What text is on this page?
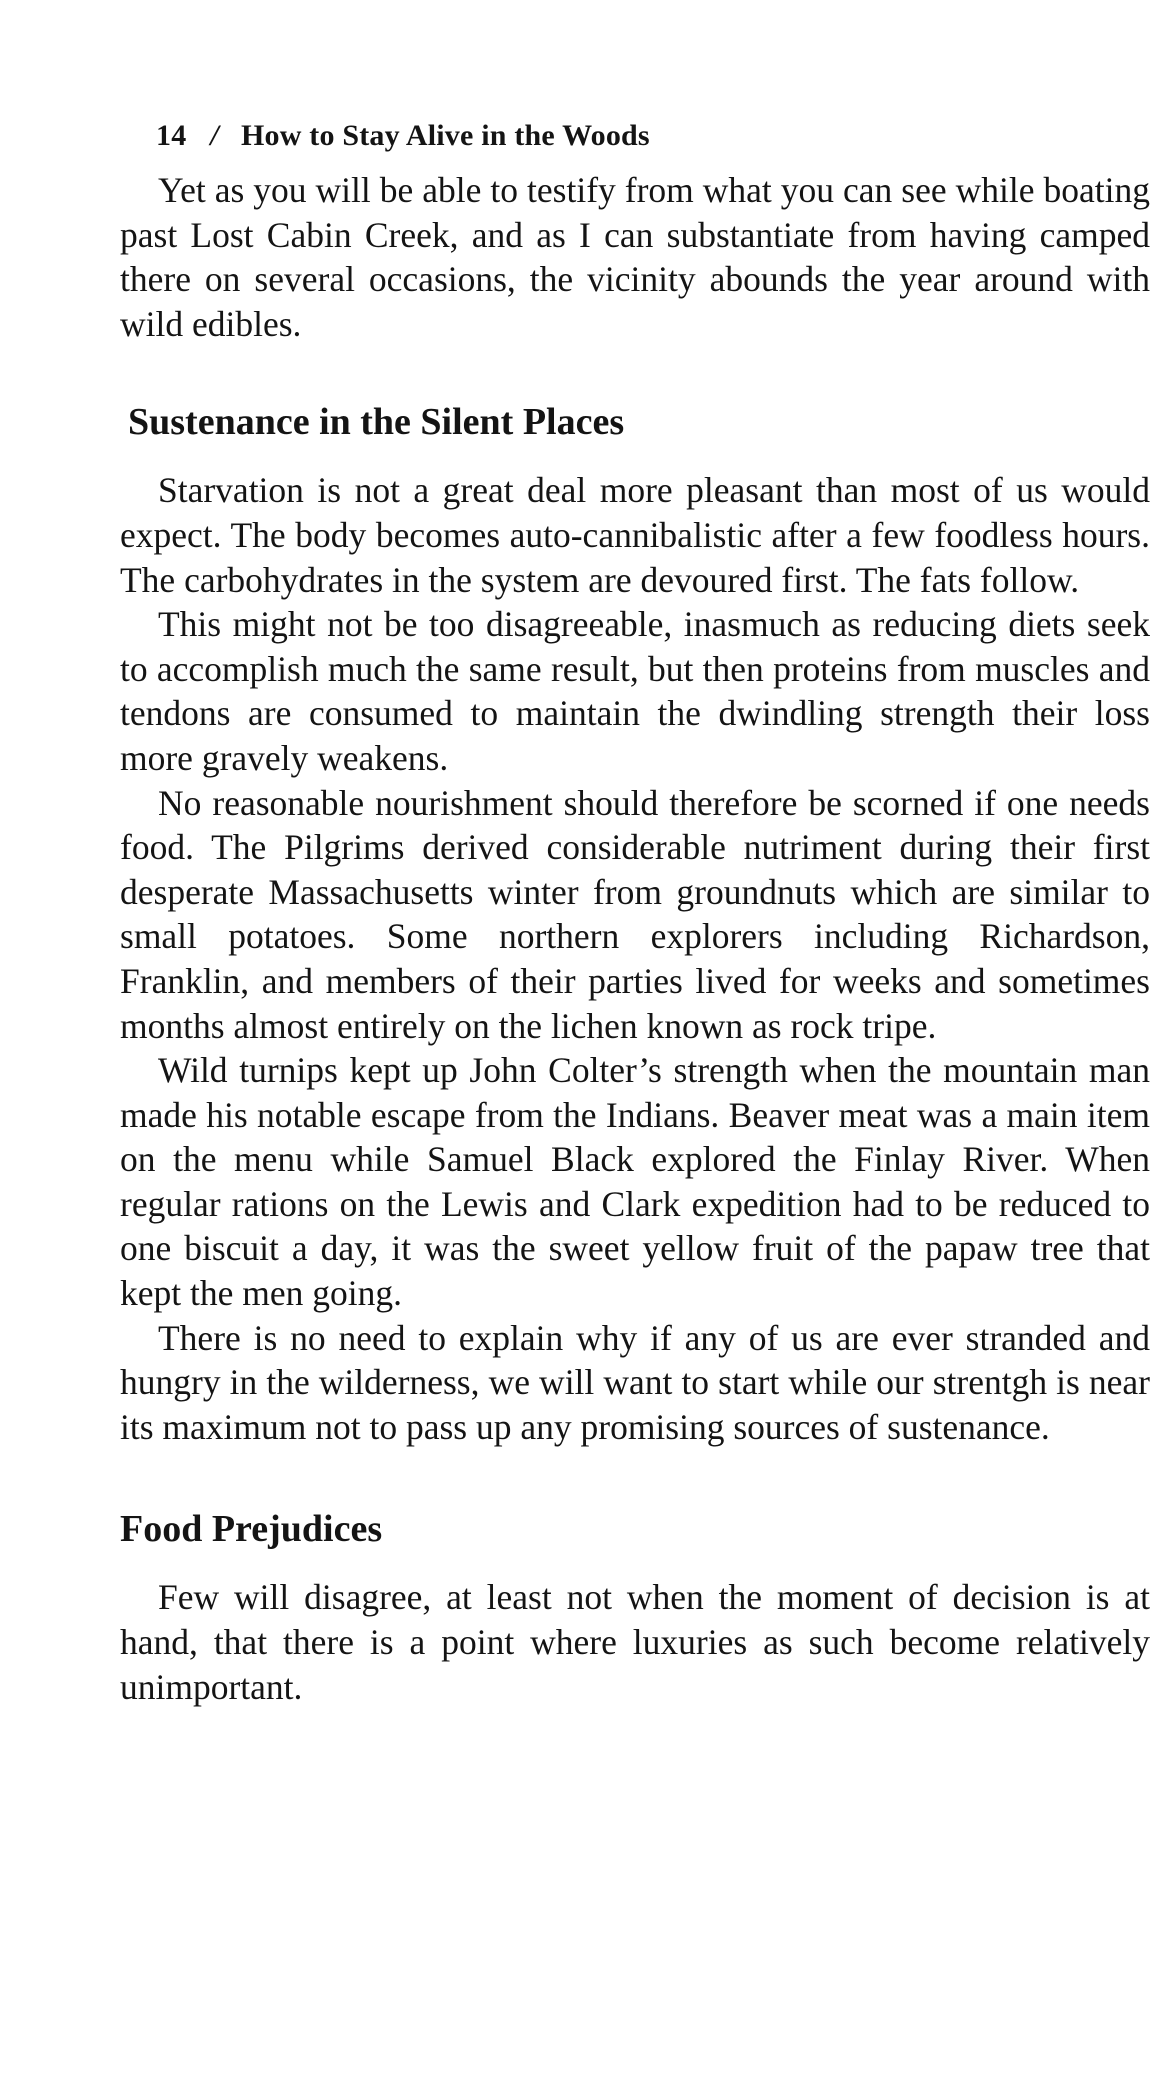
14 / How to Stay Alive in the Woods

Yet as you will be able to testify from what you can see while boating past Lost Cabin Creek, and as I can substantiate from having camped there on several occasions, the vicinity abounds the year around with wild edibles.

Sustenance in the Silent Places

Starvation is not a great deal more pleasant than most of us would expect. The body becomes auto-cannibalistic after a few foodless hours. The carbohydrates in the system are devoured first. The fats follow.

This might not be too disagreeable, inasmuch as reducing diets seek to accomplish much the same result, but then proteins from muscles and tendons are consumed to maintain the dwindling strength their loss more gravely weakens.

No reasonable nourishment should therefore be scorned if one needs food. The Pilgrims derived considerable nutriment during their first desperate Massachusetts winter from groundnuts which are similar to small potatoes. Some northern explorers including Richardson, Franklin, and members of their parties lived for weeks and sometimes months almost entirely on the lichen known as rock tripe.

Wild turnips kept up John Colter’s strength when the mountain man made his notable escape from the Indians. Beaver meat was a main item on the menu while Samuel Black explored the Finlay River. When regular rations on the Lewis and Clark expedition had to be reduced to one biscuit a day, it was the sweet yellow fruit of the papaw tree that kept the men going.

There is no need to explain why if any of us are ever stranded and hungry in the wilderness, we will want to start while our strentgh is near its maximum not to pass up any promising sources of sustenance.

Food Prejudices

Few will disagree, at least not when the moment of decision is at hand, that there is a point where luxuries as such become relatively unimportant.
